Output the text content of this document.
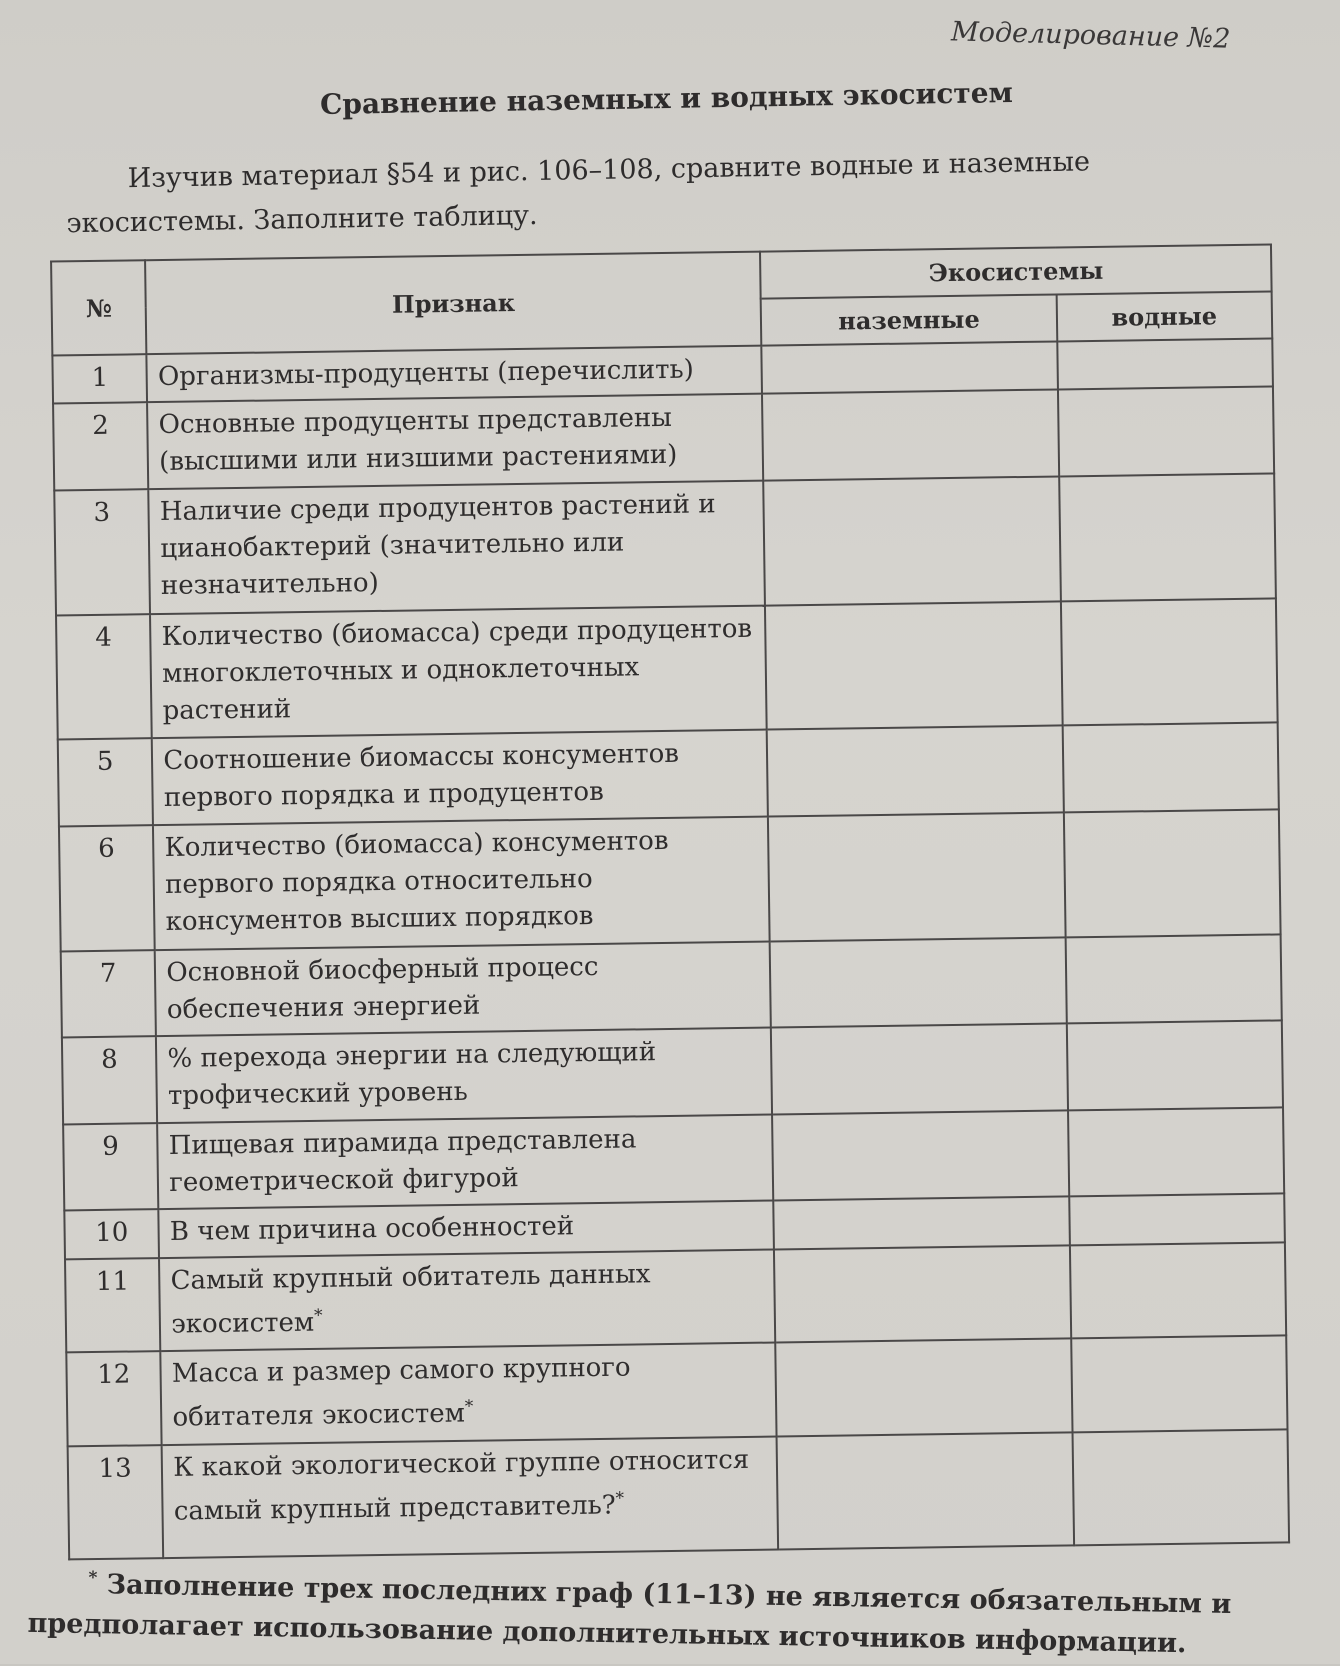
Моделирование №2
Сравнение наземных и водных экосистем
Изучив материал §54 и рис. 106–108, сравните водные и наземные экосистемы. Заполните таблицу.
№	Признак	Экосистемы	
		наземные	водные
1	Организмы-продуценты (перечислить)		
2	Основные продуценты представлены (высшими или низшими растениями)		
3	Наличие среди продуцентов растений и цианобактерий (значительно или незначительно)		
4	Количество (биомасса) среди продуцентов многоклеточных и одноклеточных растений		
5	Соотношение биомассы консументов первого порядка и продуцентов		
6	Количество (биомасса) консументов первого порядка относительно консументов высших порядков		
7	Основной биосферный процесс обеспечения энергией		
8	% перехода энергии на следующий трофический уровень		
9	Пищевая пирамида представлена геометрической фигурой		
10	В чем причина особенностей		
11	Самый крупный обитатель данных экосистем*		
12	Масса и размер самого крупного обитателя экосистем*		
13	К какой экологической группе относится самый крупный представитель?*		
* Заполнение трех последних граф (11–13) не является обязательным и предполагает использование дополнительных источников информации.
